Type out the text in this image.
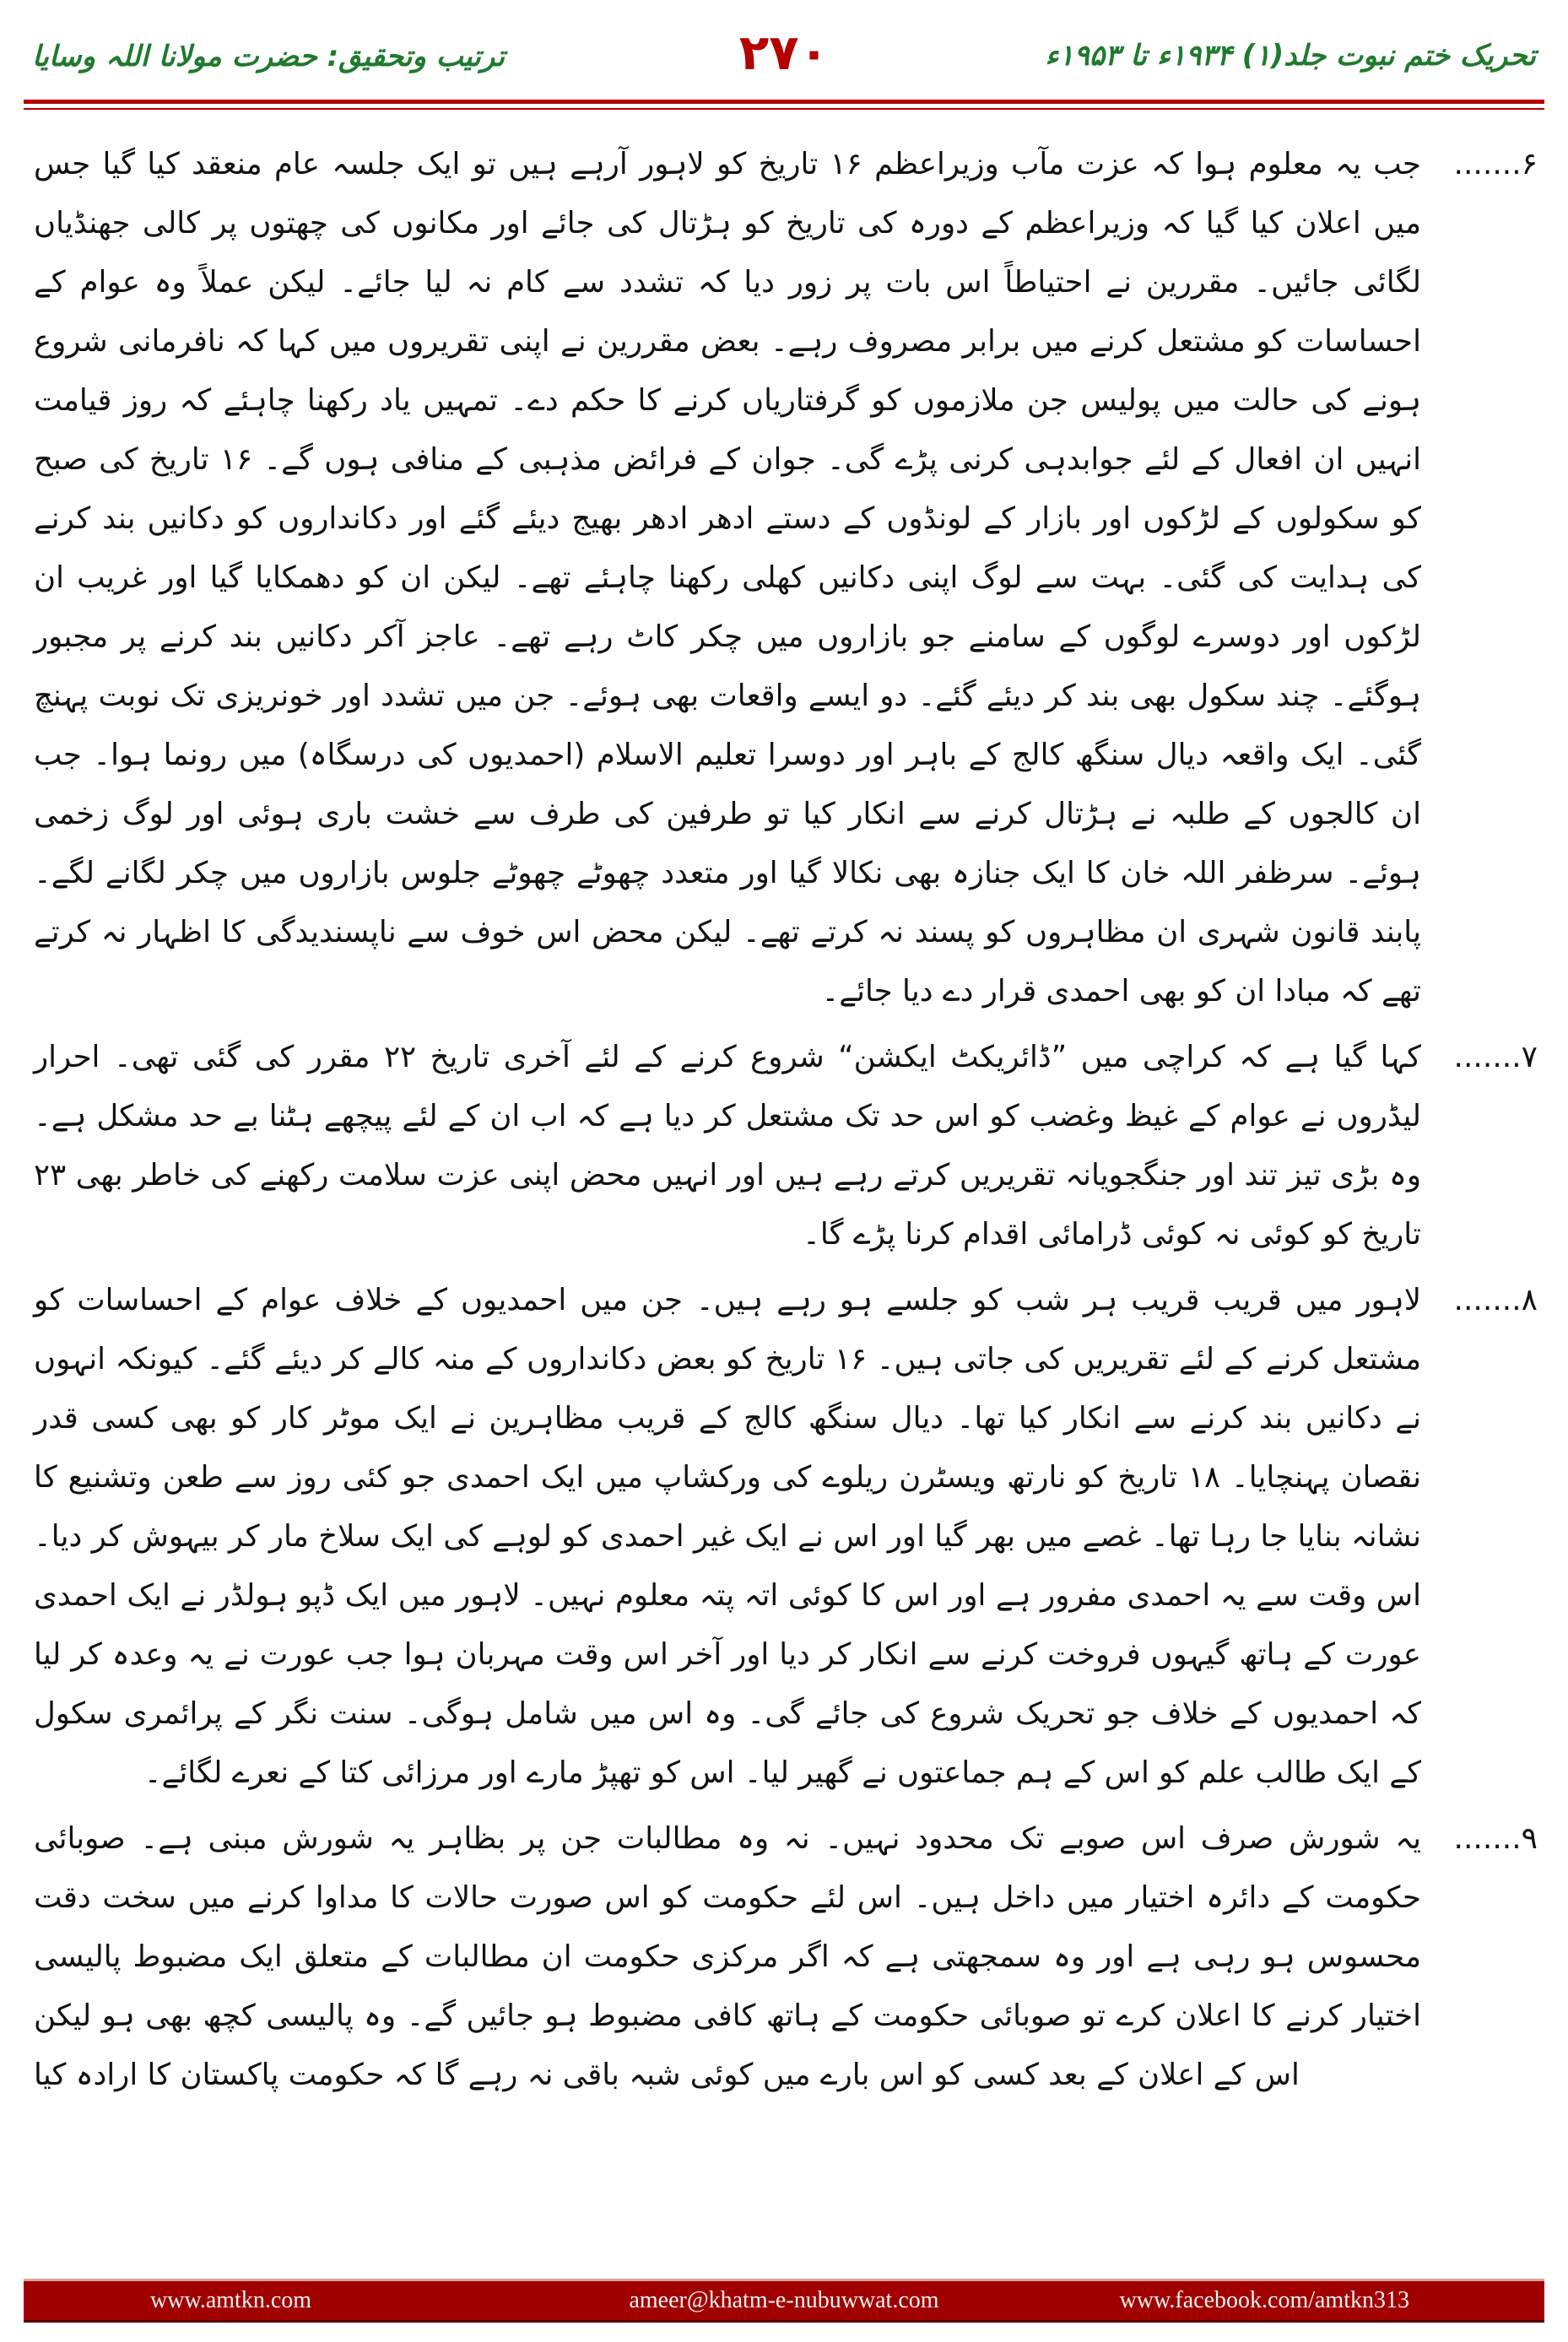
تحریک ختم نبوت جلد(۱) ۱۹۳۴ء تا ۱۹۵۳ء
۲۷۰
ترتیب وتحقیق: حضرت مولانا اللہ وسایا
۶.......
جب یہ معلوم ہوا کہ عزت مآب وزیراعظم ۱۶ تاریخ کو لاہور آرہے ہیں تو ایک جلسہ عام منعقد کیا گیا جس میں اعلان کیا گیا کہ وزیراعظم کے دورہ کی تاریخ کو ہڑتال کی جائے اور مکانوں کی چھتوں پر کالی جھنڈیاں لگائی جائیں۔ مقررین نے احتیاطاً اس بات پر زور دیا کہ تشدد سے کام نہ لیا جائے۔ لیکن عملاً وہ عوام کے احساسات کو مشتعل کرنے میں برابر مصروف رہے۔ بعض مقررین نے اپنی تقریروں میں کہا کہ نافرمانی شروع ہونے کی حالت میں پولیس جن ملازموں کو گرفتاریاں کرنے کا حکم دے۔ تمہیں یاد رکھنا چاہئے کہ روز قیامت انہیں ان افعال کے لئے جوابدہی کرنی پڑے گی۔ جوان کے فرائض مذہبی کے منافی ہوں گے۔ ۱۶ تاریخ کی صبح کو سکولوں کے لڑکوں اور بازار کے لونڈوں کے دستے ادھر ادھر بھیج دیئے گئے اور دکانداروں کو دکانیں بند کرنے کی ہدایت کی گئی۔ بہت سے لوگ اپنی دکانیں کھلی رکھنا چاہئے تھے۔ لیکن ان کو دھمکایا گیا اور غریب ان لڑکوں اور دوسرے لوگوں کے سامنے جو بازاروں میں چکر کاٹ رہے تھے۔ عاجز آکر دکانیں بند کرنے پر مجبور ہوگئے۔ چند سکول بھی بند کر دیئے گئے۔ دو ایسے واقعات بھی ہوئے۔ جن میں تشدد اور خونریزی تک نوبت پہنچ گئی۔ ایک واقعہ دیال سنگھ کالج کے باہر اور دوسرا تعلیم الاسلام (احمدیوں کی درسگاہ) میں رونما ہوا۔ جب ان کالجوں کے طلبہ نے ہڑتال کرنے سے انکار کیا تو طرفین کی طرف سے خشت باری ہوئی اور لوگ زخمی ہوئے۔ سرظفر اللہ خان کا ایک جنازہ بھی نکالا گیا اور متعدد چھوٹے چھوٹے جلوس بازاروں میں چکر لگانے لگے۔ پابند قانون شہری ان مظاہروں کو پسند نہ کرتے تھے۔ لیکن محض اس خوف سے ناپسندیدگی کا اظہار نہ کرتے تھے کہ مبادا ان کو بھی احمدی قرار دے دیا جائے۔
۷.......
کہا گیا ہے کہ کراچی میں ”ڈائریکٹ ایکشن“ شروع کرنے کے لئے آخری تاریخ ۲۲ مقرر کی گئی تھی۔ احرار لیڈروں نے عوام کے غیظ وغضب کو اس حد تک مشتعل کر دیا ہے کہ اب ان کے لئے پیچھے ہٹنا بے حد مشکل ہے۔ وہ بڑی تیز تند اور جنگجویانہ تقریریں کرتے رہے ہیں اور انہیں محض اپنی عزت سلامت رکھنے کی خاطر بھی ۲۳ تاریخ کو کوئی نہ کوئی ڈرامائی اقدام کرنا پڑے گا۔
۸.......
لاہور میں قریب قریب ہر شب کو جلسے ہو رہے ہیں۔ جن میں احمدیوں کے خلاف عوام کے احساسات کو مشتعل کرنے کے لئے تقریریں کی جاتی ہیں۔ ۱۶ تاریخ کو بعض دکانداروں کے منہ کالے کر دیئے گئے۔ کیونکہ انہوں نے دکانیں بند کرنے سے انکار کیا تھا۔ دیال سنگھ کالج کے قریب مظاہرین نے ایک موٹر کار کو بھی کسی قدر نقصان پہنچایا۔ ۱۸ تاریخ کو نارتھ ویسٹرن ریلوے کی ورکشاپ میں ایک احمدی جو کئی روز سے طعن وتشنیع کا نشانہ بنایا جا رہا تھا۔ غصے میں بھر گیا اور اس نے ایک غیر احمدی کو لوہے کی ایک سلاخ مار کر بیہوش کر دیا۔ اس وقت سے یہ احمدی مفرور ہے اور اس کا کوئی اتہ پتہ معلوم نہیں۔ لاہور میں ایک ڈپو ہولڈر نے ایک احمدی عورت کے ہاتھ گیہوں فروخت کرنے سے انکار کر دیا اور آخر اس وقت مہربان ہوا جب عورت نے یہ وعدہ کر لیا کہ احمدیوں کے خلاف جو تحریک شروع کی جائے گی۔ وہ اس میں شامل ہوگی۔ سنت نگر کے پرائمری سکول کے ایک طالب علم کو اس کے ہم جماعتوں نے گھیر لیا۔ اس کو تھپڑ مارے اور مرزائی کتا کے نعرے لگائے۔
۹.......
یہ شورش صرف اس صوبے تک محدود نہیں۔ نہ وہ مطالبات جن پر بظاہر یہ شورش مبنی ہے۔ صوبائی حکومت کے دائرہ اختیار میں داخل ہیں۔ اس لئے حکومت کو اس صورت حالات کا مداوا کرنے میں سخت دقت محسوس ہو رہی ہے اور وہ سمجھتی ہے کہ اگر مرکزی حکومت ان مطالبات کے متعلق ایک مضبوط پالیسی اختیار کرنے کا اعلان کرے تو صوبائی حکومت کے ہاتھ کافی مضبوط ہو جائیں گے۔ وہ پالیسی کچھ بھی ہو لیکن اس کے اعلان کے بعد کسی کو اس بارے میں کوئی شبہ باقی نہ رہے گا کہ حکومت پاکستان کا ارادہ کیا
www.amtkn.com	ameer@khatm-e-nubuwwat.com	www.facebook.com/amtkn313
